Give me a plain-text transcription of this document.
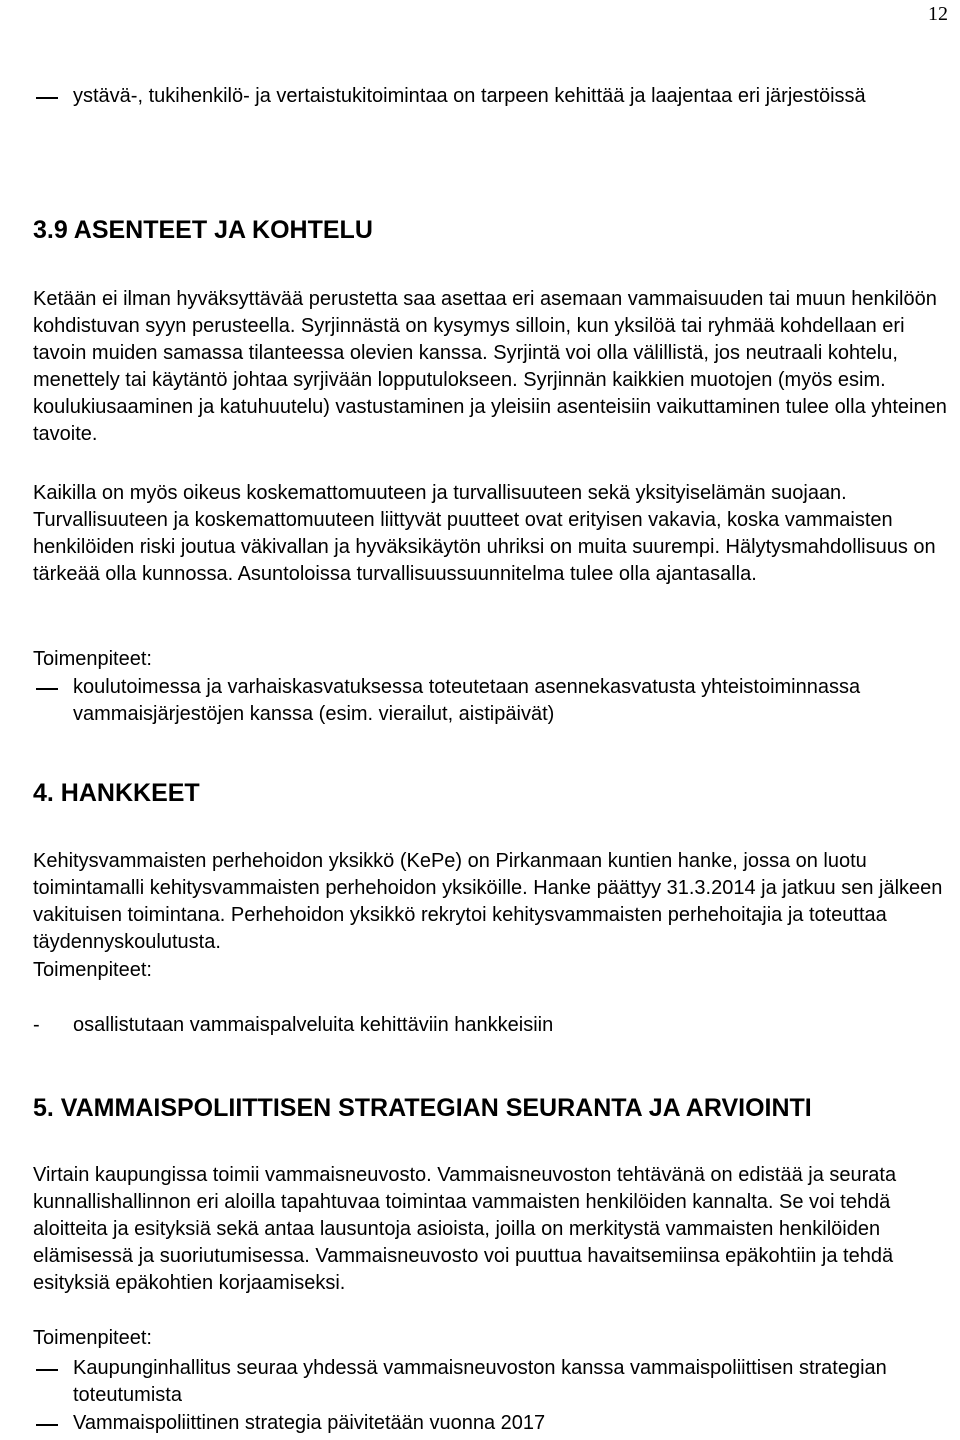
12
ystävä-, tukihenkilö- ja vertaistukitoimintaa on tarpeen kehittää ja laajentaa eri järjestöissä
3.9 ASENTEET JA KOHTELU

Ketään ei ilman hyväksyttävää perustetta saa asettaa eri asemaan vammaisuuden tai muun henkilöön kohdistuvan syyn perusteella. Syrjinnästä on kysymys silloin, kun yksilöä tai ryhmää kohdellaan eri tavoin muiden samassa tilanteessa olevien kanssa. Syrjintä voi olla välillistä, jos neutraali kohtelu, menettely tai käytäntö johtaa syrjivään lopputulokseen. Syrjinnän kaikkien muotojen (myös esim. koulukiusaaminen ja katuhuutelu) vastustaminen ja yleisiin asenteisiin vaikuttaminen tulee olla yhteinen tavoite.

Kaikilla on myös oikeus koskemattomuuteen ja turvallisuuteen sekä yksityiselämän suojaan. Turvallisuuteen ja koskemattomuuteen liittyvät puutteet ovat erityisen vakavia, koska vammaisten henkilöiden riski joutua väkivallan ja hyväksikäytön uhriksi on muita suurempi. Hälytysmahdollisuus on tärkeää olla kunnossa. Asuntoloissa turvallisuussuunnitelma tulee olla ajantasalla.

Toimenpiteet:

koulutoimessa ja varhaiskasvatuksessa toteutetaan asennekasvatusta yhteistoiminnassa vammaisjärjestöjen kanssa (esim. vierailut, aistipäivät)
4. HANKKEET

Kehitysvammaisten perhehoidon yksikkö (KePe) on Pirkanmaan kuntien hanke, jossa on luotu toimintamalli kehitysvammaisten perhehoidon yksiköille. Hanke päättyy 31.3.2014 ja jatkuu sen jälkeen vakituisen toimintana. Perhehoidon yksikkö rekrytoi kehitysvammaisten perhehoitajia ja toteuttaa täydennyskoulutusta.

Toimenpiteet:

-	osallistutaan vammaispalveluita kehittäviin hankkeisiin
5. VAMMAISPOLIITTISEN STRATEGIAN SEURANTA JA ARVIOINTI

Virtain kaupungissa toimii vammaisneuvosto. Vammaisneuvoston tehtävänä on edistää ja seurata kunnallishallinnon eri aloilla tapahtuvaa toimintaa vammaisten henkilöiden kannalta. Se voi tehdä aloitteita ja esityksiä sekä antaa lausuntoja asioista, joilla on merkitystä vammaisten henkilöiden elämisessä ja suoriutumisessa. Vammaisneuvosto voi puuttua havaitsemiinsa epäkohtiin ja tehdä esityksiä epäkohtien korjaamiseksi.

Toimenpiteet:

Kaupunginhallitus seuraa yhdessä vammaisneuvoston kanssa vammaispoliittisen strategian toteutumista
Vammaispoliittinen strategia päivitetään vuonna 2017
